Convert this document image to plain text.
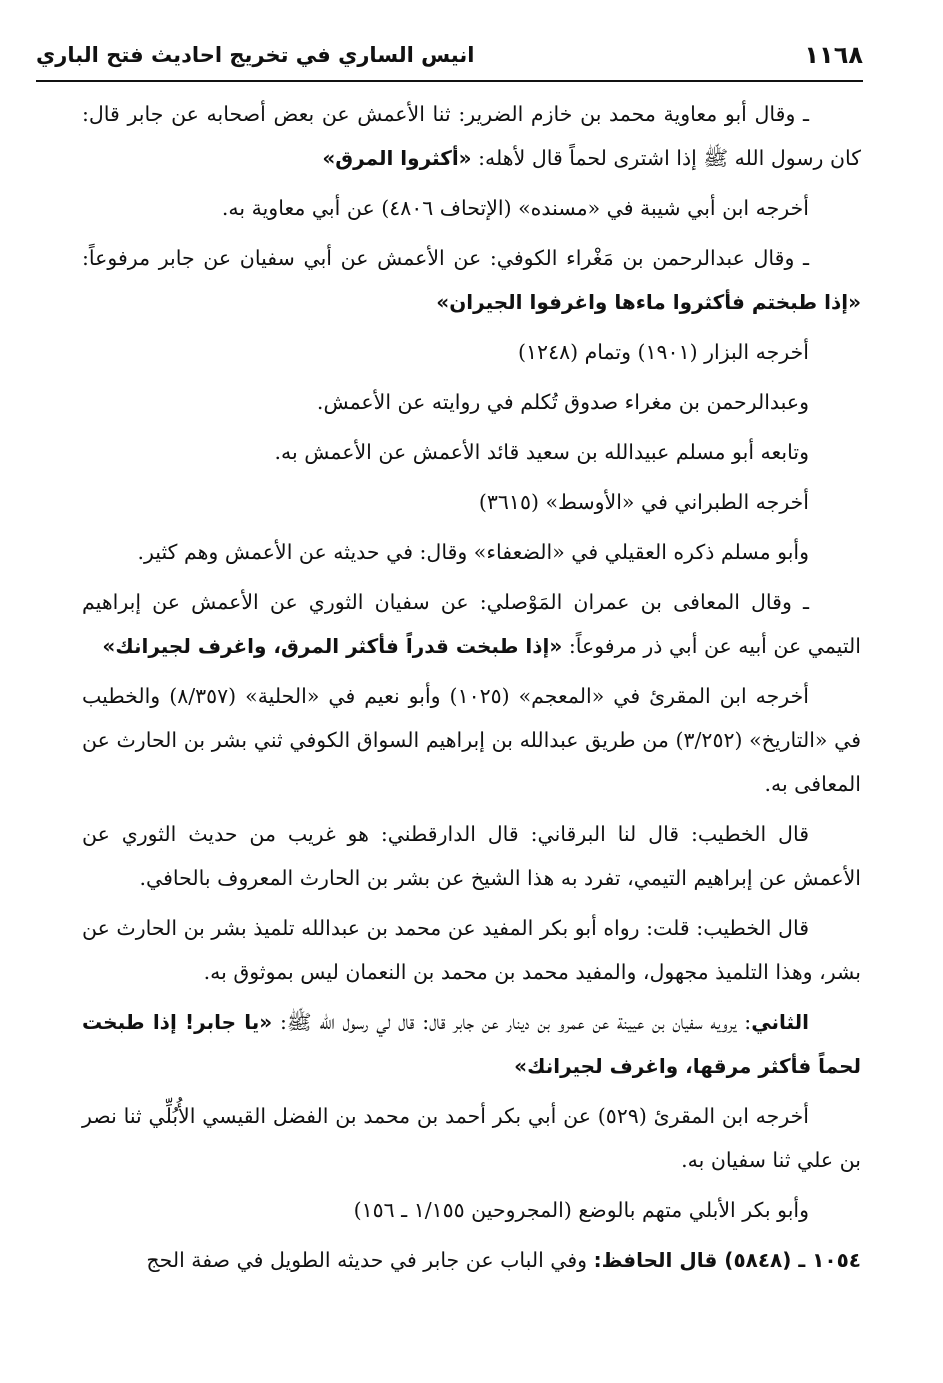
انيس الساري في تخريج احاديث فتح الباري	١١٦٨

ـ وقال أبو معاوية محمد بن خازم الضرير: ثنا الأعمش عن بعض أصحابه عن جابر قال: كان رسول الله ﷺ إذا اشترى لحماً قال لأهله: «أكثروا المرق»

أخرجه ابن أبي شيبة في «مسنده» (الإتحاف ٤٨٠٦) عن أبي معاوية به.

ـ وقال عبدالرحمن بن مَغْراء الكوفي: عن الأعمش عن أبي سفيان عن جابر مرفوعاً: «إذا طبختم فأكثروا ماءها واغرفوا الجيران»

أخرجه البزار (١٩٠١) وتمام (١٢٤٨)

وعبدالرحمن بن مغراء صدوق تُكلم في روايته عن الأعمش.

وتابعه أبو مسلم عبيدالله بن سعيد قائد الأعمش عن الأعمش به.

أخرجه الطبراني في «الأوسط» (٣٦١٥)

وأبو مسلم ذكره العقيلي في «الضعفاء» وقال: في حديثه عن الأعمش وهم كثير.

ـ وقال المعافى بن عمران المَوْصلي: عن سفيان الثوري عن الأعمش عن إبراهيم التيمي عن أبيه عن أبي ذر مرفوعاً: «إذا طبخت قدراً فأكثر المرق، واغرف لجيرانك»

أخرجه ابن المقرئ في «المعجم» (١٠٢٥) وأبو نعيم في «الحلية» (٨/٣٥٧) والخطيب في «التاريخ» (٣/٢٥٢) من طريق عبدالله بن إبراهيم السواق الكوفي ثني بشر بن الحارث عن المعافى به.

قال الخطيب: قال لنا البرقاني: قال الدارقطني: هو غريب من حديث الثوري عن الأعمش عن إبراهيم التيمي، تفرد به هذا الشيخ عن بشر بن الحارث المعروف بالحافي.

قال الخطيب: قلت: رواه أبو بكر المفيد عن محمد بن عبدالله تلميذ بشر بن الحارث عن بشر، وهذا التلميذ مجهول، والمفيد محمد بن محمد بن النعمان ليس بموثوق به.

الثاني: يرويه سفيان بن عيينة عن عمرو بن دينار عن جابر قال: قال لي رسول الله ﷺ: «يا جابر! إذا طبخت لحماً فأكثر مرقها، واغرف لجيرانك»

أخرجه ابن المقرئ (٥٢٩) عن أبي بكر أحمد بن محمد بن الفضل القيسي الأُبُلِّي ثنا نصر بن علي ثنا سفيان به.

وأبو بكر الأبلي متهم بالوضع (المجروحين ١/١٥٥ ـ ١٥٦)

١٠٥٤ ـ (٥٨٤٨) قال الحافظ: وفي الباب عن جابر في حديثه الطويل في صفة الحج
